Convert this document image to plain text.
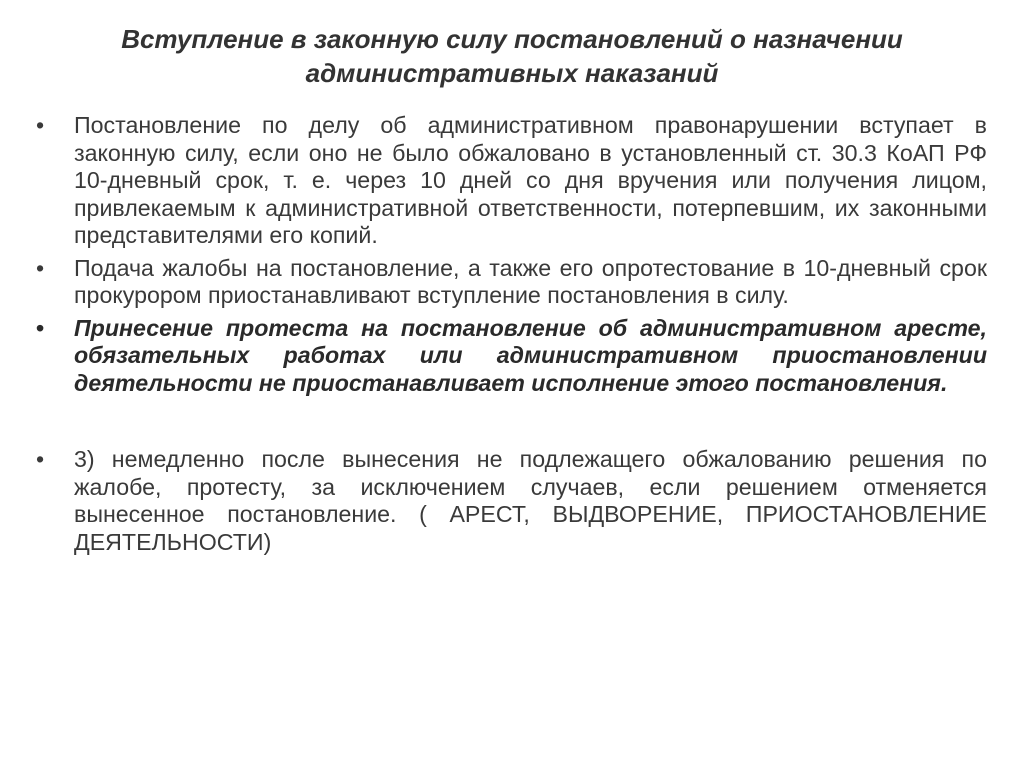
Вступление в законную силу постановлений о назначении
административных наказаний
•	Постановление по делу об административном правонарушении вступает в законную силу, если оно не было обжаловано в установленный ст. 30.3 КоАП РФ 10-дневный срок, т. е. через 10 дней со дня вручения или получения лицом, привлекаемым к административной ответственности, потерпевшим, их законными представителями его копий.
•	Подача жалобы на постановление, а также его опротестование в 10-дневный срок прокурором приостанавливают вступление постановления в силу.
•	Принесение протеста на постановление об административном аресте, обязательных работах или административном приостановлении деятельности не приостанавливает исполнение этого постановления.
•	3) немедленно после вынесения не подлежащего обжалованию решения по жалобе, протесту, за исключением случаев, если решением отменяется вынесенное постановление. ( АРЕСТ, ВЫДВОРЕНИЕ, ПРИОСТАНОВЛЕНИЕ ДЕЯТЕЛЬНОСТИ)
